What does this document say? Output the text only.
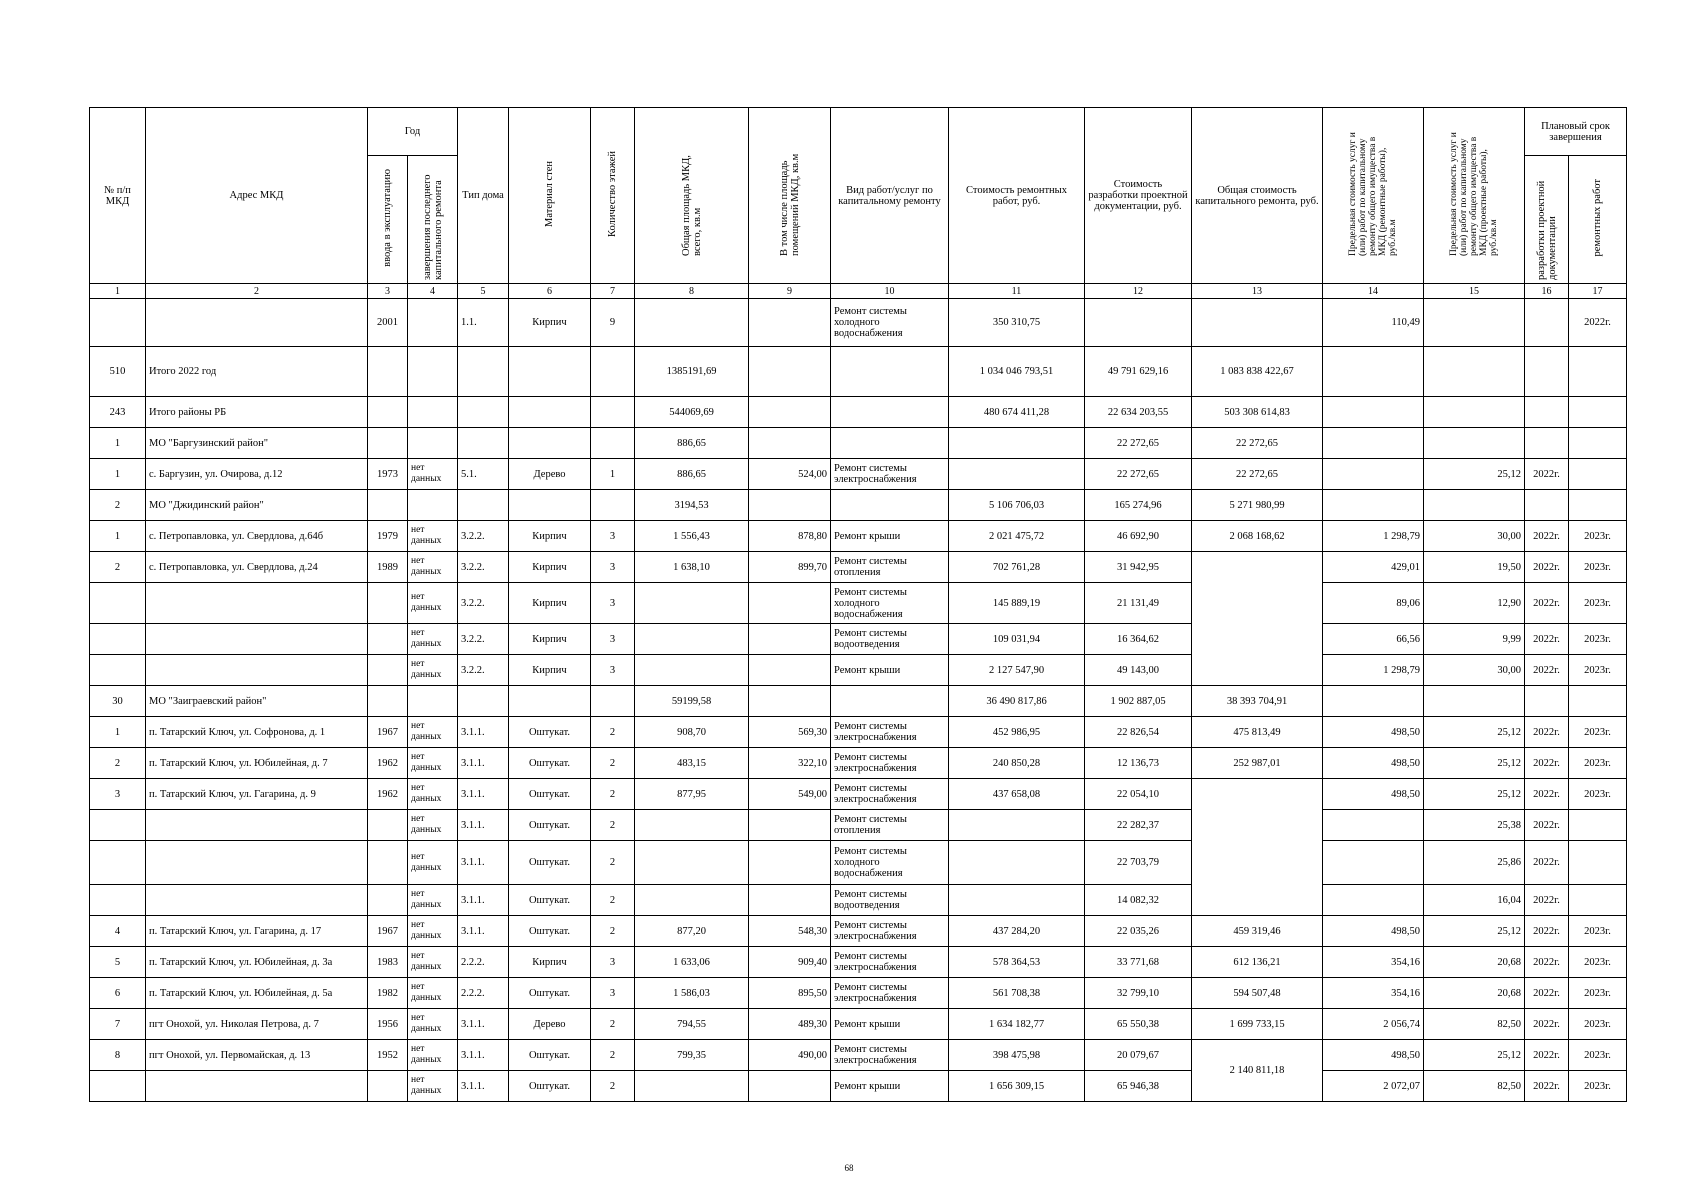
№ п/п МКД	Адрес МКД	Год		Тип дома	Материал стен	Количество этажей	Общая площадь МКД, всего, кв.м	В том числе площадь помещений МКД, кв.м	Вид работ/услуг по капитальному ремонту	Стоимость ремонтных работ, руб.	Стоимость разработки проектной документации, руб.	Общая стоимость капитального ремонта, руб.	Предельная стоимость услуг и (или) работ по капитальному ремонту общего имущества в МКД (ремонтные работы), руб./кв.м	Предельная стоимость услуг и (или) работ по капитальному ремонту общего имущества в МКД (проектные работы), руб./кв.м	Плановый срок завершения	
		ввода в эксплуатацию	завершения последнего капитального ремонта												разработки проектной документации	ремонтных работ
1	2	3	4	5	6	7	8	9	10	11	12	13	14	15	16	17
		2001		1.1.	Кирпич	9			Ремонт системы холодного водоснабжения	350 310,75			110,49			2022г.
510	Итого 2022 год						1385191,69			1 034 046 793,51	49 791 629,16	1 083 838 422,67				
243	Итого районы РБ						544069,69			480 674 411,28	22 634 203,55	503 308 614,83				
1	МО "Баргузинский район"						886,65				22 272,65	22 272,65				
1	с. Баргузин, ул. Очирова, д.12	1973	нет данных	5.1.	Дерево	1	886,65	524,00	Ремонт системы электроснабжения		22 272,65	22 272,65		25,12	2022г.	
2	МО "Джидинский район"						3194,53			5 106 706,03	165 274,96	5 271 980,99				
1	с. Петропавловка, ул. Свердлова, д.64б	1979	нет данных	3.2.2.	Кирпич	3	1 556,43	878,80	Ремонт крыши	2 021 475,72	46 692,90	2 068 168,62	1 298,79	30,00	2022г.	2023г.
2	с. Петропавловка, ул. Свердлова, д.24	1989	нет данных	3.2.2.	Кирпич	3	1 638,10	899,70	Ремонт системы отопления	702 761,28	31 942,95		429,01	19,50	2022г.	2023г.
			нет данных	3.2.2.	Кирпич	3			Ремонт системы холодного водоснабжения	145 889,19	21 131,49		89,06	12,90	2022г.	2023г.
			нет данных	3.2.2.	Кирпич	3			Ремонт системы водоотведения	109 031,94	16 364,62		66,56	9,99	2022г.	2023г.
			нет данных	3.2.2.	Кирпич	3			Ремонт крыши	2 127 547,90	49 143,00		1 298,79	30,00	2022г.	2023г.
30	МО "Заиграевский район"						59199,58			36 490 817,86	1 902 887,05	38 393 704,91				
1	п. Татарский Ключ, ул. Софронова, д. 1	1967	нет данных	3.1.1.	Оштукат.	2	908,70	569,30	Ремонт системы электроснабжения	452 986,95	22 826,54	475 813,49	498,50	25,12	2022г.	2023г.
2	п. Татарский Ключ, ул. Юбилейная, д. 7	1962	нет данных	3.1.1.	Оштукат.	2	483,15	322,10	Ремонт системы электроснабжения	240 850,28	12 136,73	252 987,01	498,50	25,12	2022г.	2023г.
3	п. Татарский Ключ, ул. Гагарина, д. 9	1962	нет данных	3.1.1.	Оштукат.	2	877,95	549,00	Ремонт системы электроснабжения	437 658,08	22 054,10		498,50	25,12	2022г.	2023г.
			нет данных	3.1.1.	Оштукат.	2			Ремонт системы отопления		22 282,37			25,38	2022г.	
			нет данных	3.1.1.	Оштукат.	2			Ремонт системы холодного водоснабжения		22 703,79			25,86	2022г.	
			нет данных	3.1.1.	Оштукат.	2			Ремонт системы водоотведения		14 082,32			16,04	2022г.	
4	п. Татарский Ключ, ул. Гагарина, д. 17	1967	нет данных	3.1.1.	Оштукат.	2	877,20	548,30	Ремонт системы электроснабжения	437 284,20	22 035,26	459 319,46	498,50	25,12	2022г.	2023г.
5	п. Татарский Ключ, ул. Юбилейная, д. 3а	1983	нет данных	2.2.2.	Кирпич	3	1 633,06	909,40	Ремонт системы электроснабжения	578 364,53	33 771,68	612 136,21	354,16	20,68	2022г.	2023г.
6	п. Татарский Ключ, ул. Юбилейная, д. 5а	1982	нет данных	2.2.2.	Оштукат.	3	1 586,03	895,50	Ремонт системы электроснабжения	561 708,38	32 799,10	594 507,48	354,16	20,68	2022г.	2023г.
7	пгт Онохой, ул. Николая Петрова, д. 7	1956	нет данных	3.1.1.	Дерево	2	794,55	489,30	Ремонт крыши	1 634 182,77	65 550,38	1 699 733,15	2 056,74	82,50	2022г.	2023г.
8	пгт Онохой, ул. Первомайская, д. 13	1952	нет данных	3.1.1.	Оштукат.	2	799,35	490,00	Ремонт системы электроснабжения	398 475,98	20 079,67	2 140 811,18	498,50	25,12	2022г.	2023г.
			нет данных	3.1.1.	Оштукат.	2			Ремонт крыши	1 656 309,15	65 946,38		2 072,07	82,50	2022г.	2023г.
68
